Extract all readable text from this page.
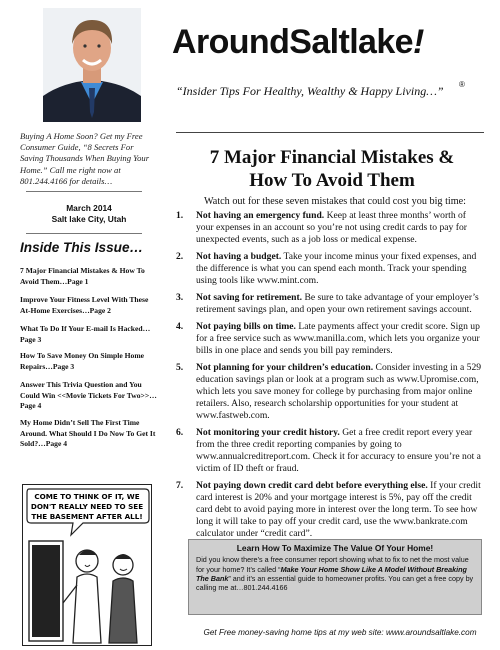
AroundSaltlake!
“Insider Tips For Healthy, Wealthy & Happy Living…” ®
Buying A Home Soon? Get my Free Consumer Guide, “8 Secrets For Saving Thousands When Buying Your Home.” Call me right now at 801.244.4166 for details…
March 2014
Salt lake City, Utah
Inside This Issue…
7 Major Financial Mistakes & How To Avoid Them…Page 1
Improve Your Fitness Level With These At-Home Exercises…Page 2
What To Do If Your E-mail Is Hacked…Page 3
How To Save Money On Simple Home Repairs…Page 3
Answer This Trivia Question and You Could Win <<Movie Tickets For Two>>…Page 4
My Home Didn’t Sell The First Time Around. What Should I Do Now To Get It Sold?…Page 4
COME TO THINK OF IT, WE
DON'T REALLY NEED TO SEE
THE BASEMENT AFTER ALL!
7 Major Financial Mistakes &
How To Avoid Them
Watch out for these seven mistakes that could cost you big time:
1.	Not having an emergency fund. Keep at least three months’ worth of your expenses in an account so you’re not using credit cards to pay for unexpected events, such as a job loss or medical expense.
2.	Not having a budget. Take your income minus your fixed expenses, and the difference is what you can spend each month. Track your spending using tools like www.mint.com.
3.	Not saving for retirement. Be sure to take advantage of your employer’s retirement savings plan, and open your own retirement savings account.
4.	Not paying bills on time. Late payments affect your credit score. Sign up for a free service such as www.manilla.com, which lets you organize your bills in one place and sends you bill pay reminders.
5.	Not planning for your children’s education. Consider investing in a 529 education savings plan or look at a program such as www.Upromise.com, which lets you save money for college by purchasing from major online retailers. Also, research scholarship opportunities for your student at www.fastweb.com.
6.	Not monitoring your credit history. Get a free credit report every year from the three credit reporting companies by going to www.annualcreditreport.com. Check it for accuracy to ensure you’re not a victim of ID theft or fraud.
7.	Not paying down credit card debt before everything else. If your credit card interest is 20% and your mortgage interest is 5%, pay off the credit card debt to avoid paying more in interest over the long term. To see how long it will take to pay off your credit card, use the www.bankrate.com calculator under “credit card”.
Learn How To Maximize The Value Of Your Home!
Did you know there’s a free consumer report showing what to fix to net the most value for your home? It’s called “Make Your Home Show Like A Model Without Breaking The Bank” and it’s an essential guide to homeowner profits. You can get a free copy by calling me at…801.244.4166
Get Free money-saving home tips at my web site: www.aroundsaltlake.com
